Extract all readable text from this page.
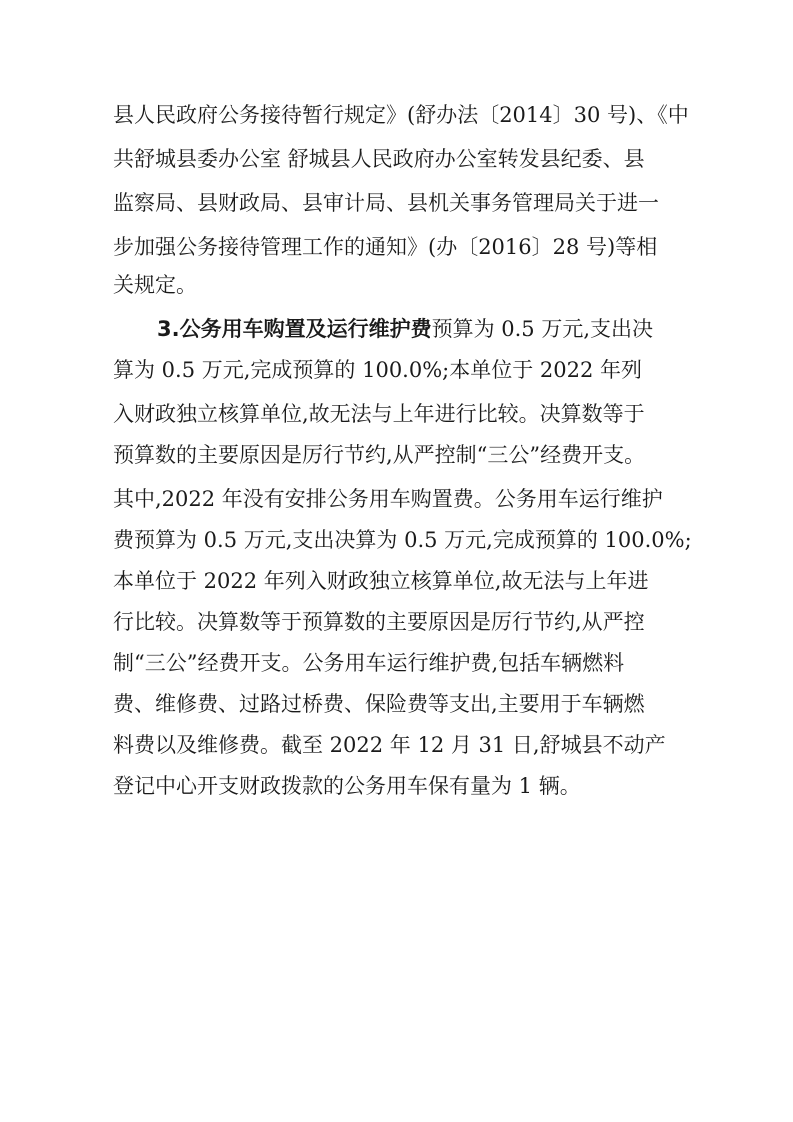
县人民政府公务接待暂行规定》(舒办法〔2014〕30 号)、《中
共舒城县委办公室 舒城县人民政府办公室转发县纪委、县
监察局、县财政局、县审计局、县机关事务管理局关于进一
步加强公务接待管理工作的通知》(办〔2016〕28 号)等相
关规定。
3.公务用车购置及运行维护费预算为 0.5 万元,支出决
算为 0.5 万元,完成预算的 100.0%;本单位于 2022 年列
入财政独立核算单位,故无法与上年进行比较。决算数等于
预算数的主要原因是厉行节约,从严控制“三公”经费开支。
其中,2022 年没有安排公务用车购置费。公务用车运行维护
费预算为 0.5 万元,支出决算为 0.5 万元,完成预算的 100.0%;
本单位于 2022 年列入财政独立核算单位,故无法与上年进
行比较。决算数等于预算数的主要原因是厉行节约,从严控
制“三公”经费开支。公务用车运行维护费,包括车辆燃料
费、维修费、过路过桥费、保险费等支出,主要用于车辆燃
料费以及维修费。截至 2022 年 12 月 31 日,舒城县不动产
登记中心开支财政拨款的公务用车保有量为 1 辆。
